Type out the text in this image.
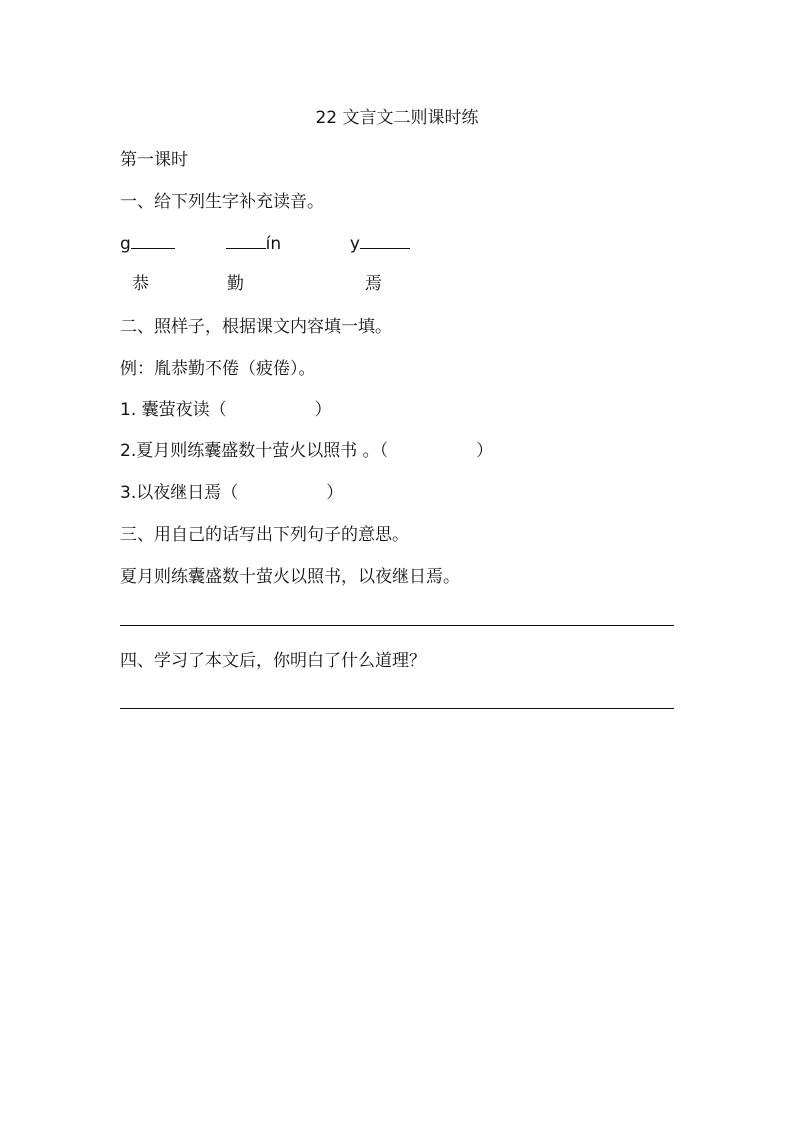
22 文言文二则课时练
第一课时
一、给下列生字补充读音。
g	ín	y
恭	勤	焉
二、照样子，根据课文内容填一填。
例：胤恭勤不倦（疲倦）。
1. 囊萤夜读（	）
2.夏月则练囊盛数十萤火以照书 。（	）
3.以夜继日焉（	）
三、用自己的话写出下列句子的意思。
夏月则练囊盛数十萤火以照书，以夜继日焉。
四、学习了本文后，你明白了什么道理？
